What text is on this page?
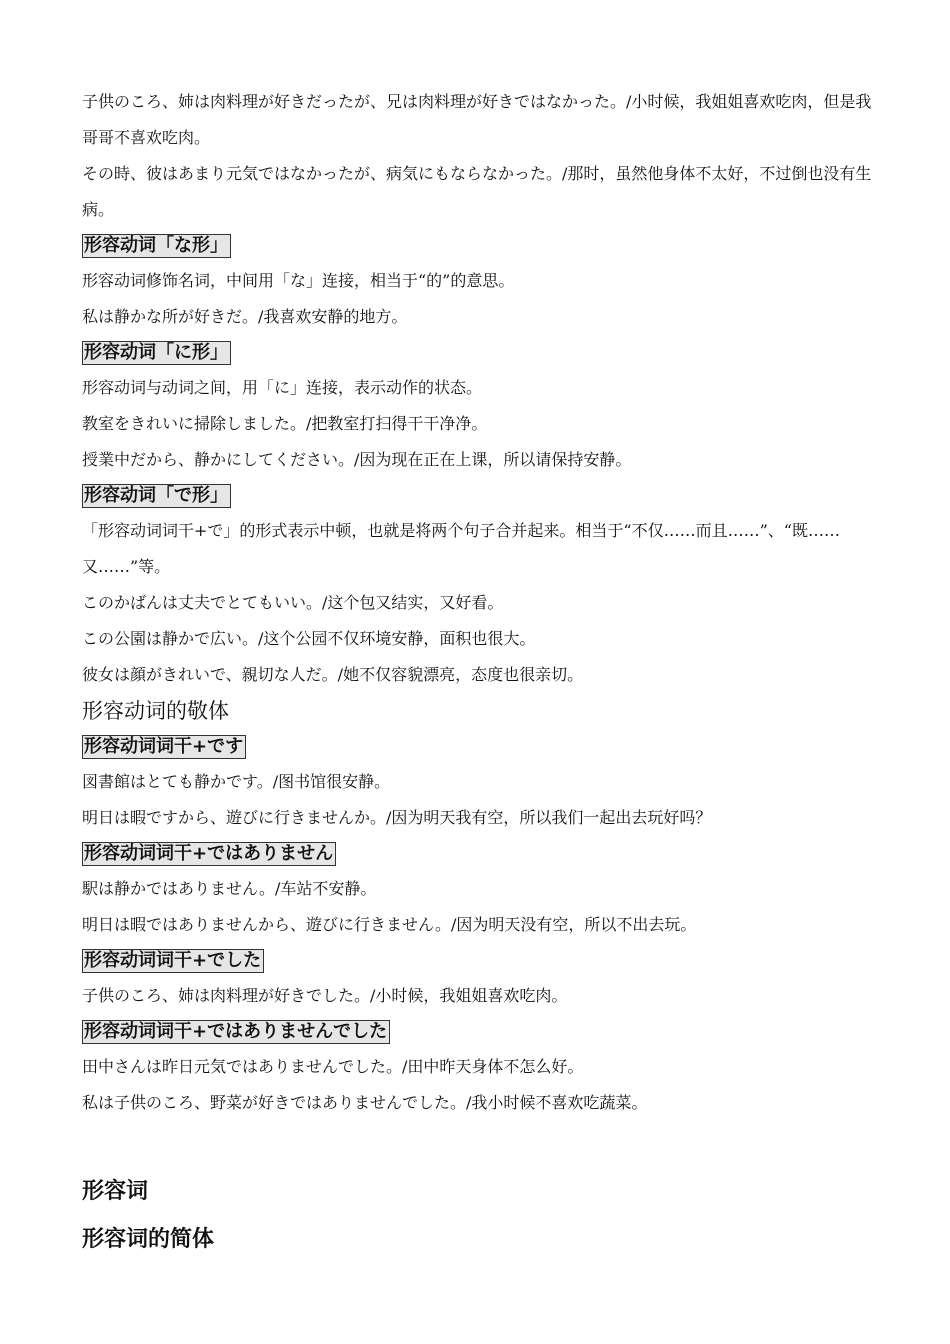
子供のころ、姉は肉料理が好きだったが、兄は肉料理が好きではなかった。/小时候，我姐姐喜欢吃肉，但是我哥哥不喜欢吃肉。

その時、彼はあまり元気ではなかったが、病気にもならなかった。/那时，虽然他身体不太好，不过倒也没有生病。

形容动词「な形」

形容动词修饰名词，中间用「な」连接，相当于“的”的意思。

私は静かな所が好きだ。/我喜欢安静的地方。

形容动词「に形」

形容动词与动词之间，用「に」连接，表示动作的状态。

教室をきれいに掃除しました。/把教室打扫得干干净净。

授業中だから、静かにしてください。/因为现在正在上课，所以请保持安静。

形容动词「で形」

「形容动词词干+で」的形式表示中顿，也就是将两个句子合并起来。相当于“不仅……而且……”、“既……又……”等。

このかばんは丈夫でとてもいい。/这个包又结实，又好看。

この公園は静かで広い。/这个公园不仅环境安静，面积也很大。

彼女は顔がきれいで、親切な人だ。/她不仅容貌漂亮，态度也很亲切。

形容动词的敬体

形容动词词干+です

図書館はとても静かです。/图书馆很安静。

明日は暇ですから、遊びに行きませんか。/因为明天我有空，所以我们一起出去玩好吗？

形容动词词干+ではありません

駅は静かではありません。/车站不安静。

明日は暇ではありませんから、遊びに行きません。/因为明天没有空，所以不出去玩。

形容动词词干+でした

子供のころ、姉は肉料理が好きでした。/小时候，我姐姐喜欢吃肉。

形容动词词干+ではありませんでした

田中さんは昨日元気ではありませんでした。/田中昨天身体不怎么好。

私は子供のころ、野菜が好きではありませんでした。/我小时候不喜欢吃蔬菜。

形容词

形容词的简体
